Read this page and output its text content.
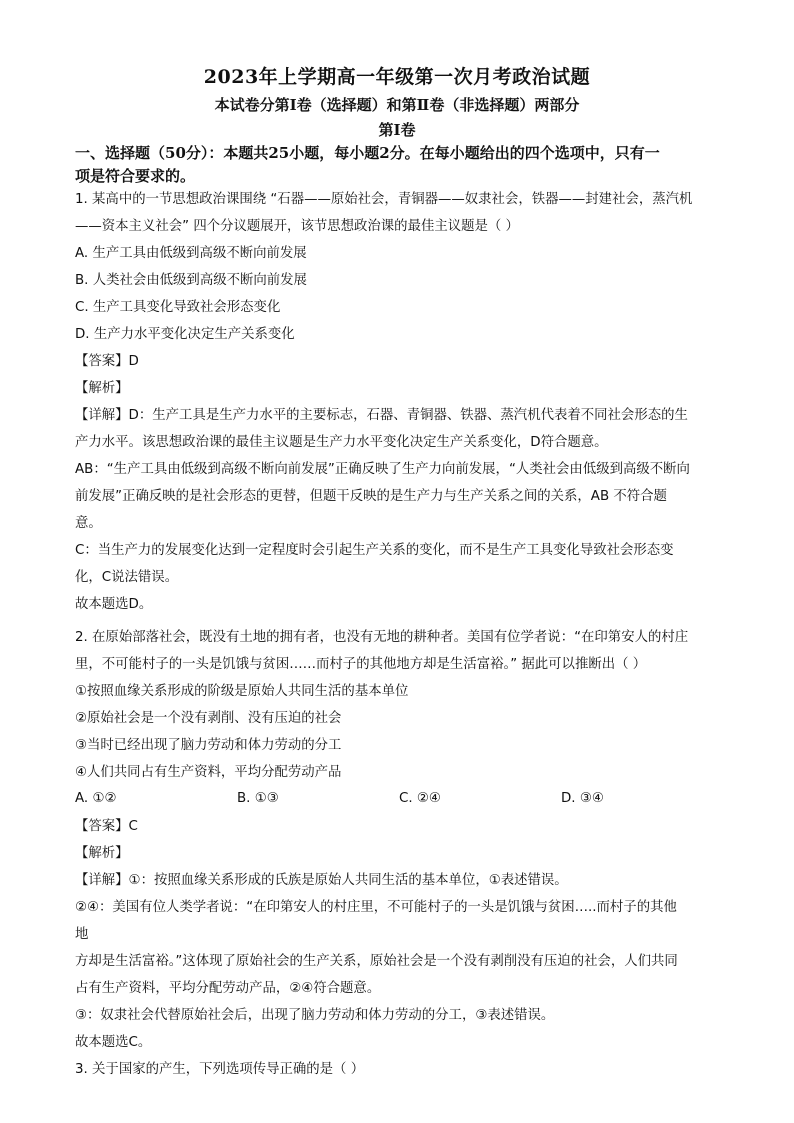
2023年上学期高一年级第一次月考政治试题
本试卷分第Ⅰ卷（选择题）和第Ⅱ卷（非选择题）两部分
第Ⅰ卷
一、选择题（50分）：本题共25小题，每小题2分。在每小题给出的四个选项中，只有一
项是符合要求的。
1. 某高中的一节思想政治课围绕 “石器——原始社会，青铜器——奴隶社会，铁器——封建社会，蒸汽机
——资本主义社会” 四个分议题展开，该节思想政治课的最佳主议题是（ ）
A. 生产工具由低级到高级不断向前发展
B. 人类社会由低级到高级不断向前发展
C. 生产工具变化导致社会形态变化
D. 生产力水平变化决定生产关系变化
【答案】D
【解析】
【详解】D：生产工具是生产力水平的主要标志，石器、青铜器、铁器、蒸汽机代表着不同社会形态的生
产力水平。该思想政治课的最佳主议题是生产力水平变化决定生产关系变化，D符合题意。
AB：“生产工具由低级到高级不断向前发展”正确反映了生产力向前发展，“人类社会由低级到高级不断向
前发展”正确反映的是社会形态的更替，但题干反映的是生产力与生产关系之间的关系，AB 不符合题
意。
C：当生产力的发展变化达到一定程度时会引起生产关系的变化，而不是生产工具变化导致社会形态变
化，C说法错误。
故本题选D。
2. 在原始部落社会，既没有土地的拥有者，也没有无地的耕种者。美国有位学者说：“在印第安人的村庄
里，不可能村子的一头是饥饿与贫困……而村子的其他地方却是生活富裕。” 据此可以推断出（ ）
①按照血缘关系形成的阶级是原始人共同生活的基本单位
②原始社会是一个没有剥削、没有压迫的社会
③当时已经出现了脑力劳动和体力劳动的分工
④人们共同占有生产资料，平均分配劳动产品
A. ①②	B. ①③	C. ②④	D. ③④
【答案】C
【解析】
【详解】①：按照血缘关系形成的氏族是原始人共同生活的基本单位，①表述错误。
②④：美国有位人类学者说：“在印第安人的村庄里，不可能村子的一头是饥饿与贫困…..而村子的其他
地
方却是生活富裕。”这体现了原始社会的生产关系，原始社会是一个没有剥削没有压迫的社会，人们共同
占有生产资料，平均分配劳动产品，②④符合题意。
③：奴隶社会代替原始社会后，出现了脑力劳动和体力劳动的分工，③表述错误。
故本题选C。
3. 关于国家的产生，下列选项传导正确的是（ ）
